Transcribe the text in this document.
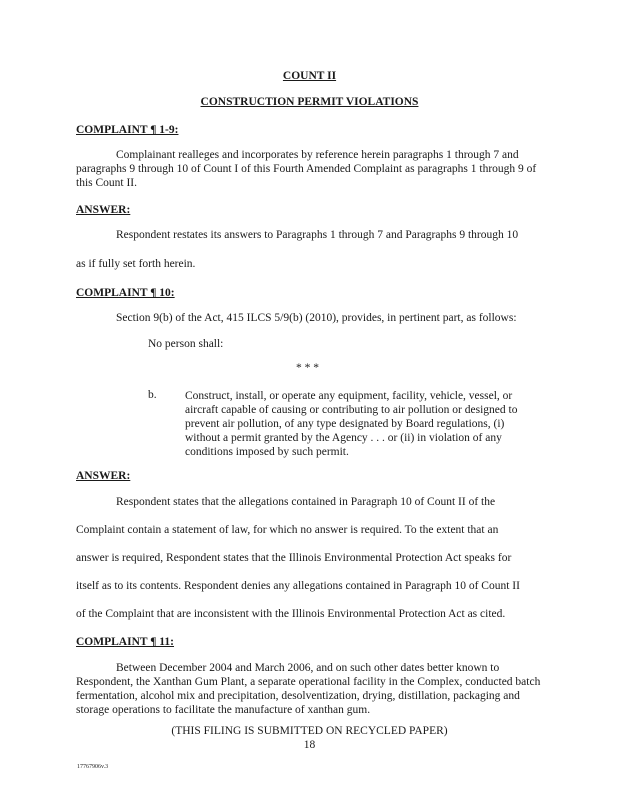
COUNT II
CONSTRUCTION PERMIT VIOLATIONS
COMPLAINT ¶ 1-9:
Complainant realleges and incorporates by reference herein paragraphs 1 through 7 and paragraphs 9 through 10 of Count I of this Fourth Amended Complaint as paragraphs 1 through 9 of this Count II.
ANSWER:
Respondent restates its answers to Paragraphs 1 through 7 and Paragraphs 9 through 10
as if fully set forth herein.
COMPLAINT ¶ 10:
Section 9(b) of the Act, 415 ILCS 5/9(b) (2010), provides, in pertinent part, as follows:
No person shall:
* * *
b. Construct, install, or operate any equipment, facility, vehicle, vessel, or aircraft capable of causing or contributing to air pollution or designed to prevent air pollution, of any type designated by Board regulations, (i) without a permit granted by the Agency . . . or (ii) in violation of any conditions imposed by such permit.
ANSWER:
Respondent states that the allegations contained in Paragraph 10 of Count II of the
Complaint contain a statement of law, for which no answer is required. To the extent that an
answer is required, Respondent states that the Illinois Environmental Protection Act speaks for
itself as to its contents. Respondent denies any allegations contained in Paragraph 10 of Count II
of the Complaint that are inconsistent with the Illinois Environmental Protection Act as cited.
COMPLAINT ¶ 11:
Between December 2004 and March 2006, and on such other dates better known to Respondent, the Xanthan Gum Plant, a separate operational facility in the Complex, conducted batch fermentation, alcohol mix and precipitation, desolventization, drying, distillation, packaging and storage operations to facilitate the manufacture of xanthan gum.
(THIS FILING IS SUBMITTED ON RECYCLED PAPER)
18
17767906v.3
